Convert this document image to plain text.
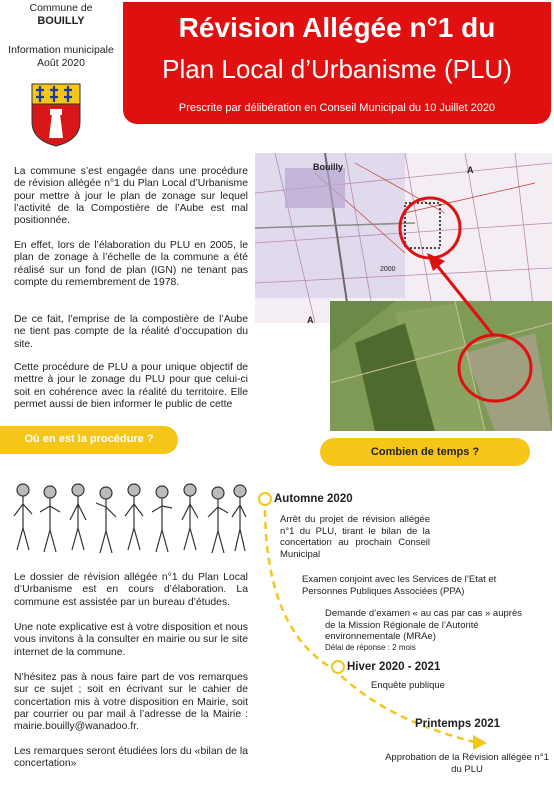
Commune de
BOUILLY
Information municipale
Août 2020
Révision Allégée n°1 du
Plan Local d’Urbanisme (PLU)
Prescrite par délibération en Conseil Municipal du 10 Juillet 2020
La commune s’est engagée dans une procédure de révision allégée n°1 du Plan Local d’Urbanisme pour mettre à jour le plan de zonage sur lequel l’activité de la Compostière de l’Aube est mal positionnée.
En effet, lors de l’élaboration du PLU en 2005, le plan de zonage à l’échelle de la commune a été réalisé sur un fond de plan (IGN) ne tenant pas compte du remembrement de 1978.
De ce fait, l’emprise de la compostière de l’Aube ne tient pas compte de la réalité d’occupation du site.
Cette procédure de PLU a pour unique objectif de mettre à jour le zonage du PLU pour que celui-ci soit en cohérence avec la réalité du territoire. Elle permet aussi de bien informer le public de cette
Bouilly	A
A
2000
Où en est la procédure ?
Le dossier de révision allégée n°1 du Plan Local d’Urbanisme est en cours d’élaboration. La commune est assistée par un bureau d’études.
Une note explicative est à votre disposition et nous vous invitons à la consulter en mairie ou sur le site internet de la commune.
N’hésitez pas à nous faire part de vos remarques sur ce sujet ; soit en écrivant sur le cahier de concertation mis à votre disposition en Mairie, soit par courrier ou par mail à l’adresse de la Mairie : mairie.bouilly@wanadoo.fr.
Les remarques seront étudiées lors du «bilan de la concertation»
Combien de temps ?
Automne 2020
Arrêt du projet de révision allégée n°1 du PLU, tirant le bilan de la concertation au prochain Conseil Municipal
Examen conjoint avec les Services de l’Etat et Personnes Publiques Associées (PPA)
Demande d’examen « au cas par cas » auprès de la Mission Régionale de l’Autorité environnementale (MRAe)
Délai de réponse : 2 mois
Hiver 2020 - 2021
Enquête publique
Printemps 2021
Approbation de la Révision allégée n°1 du PLU
